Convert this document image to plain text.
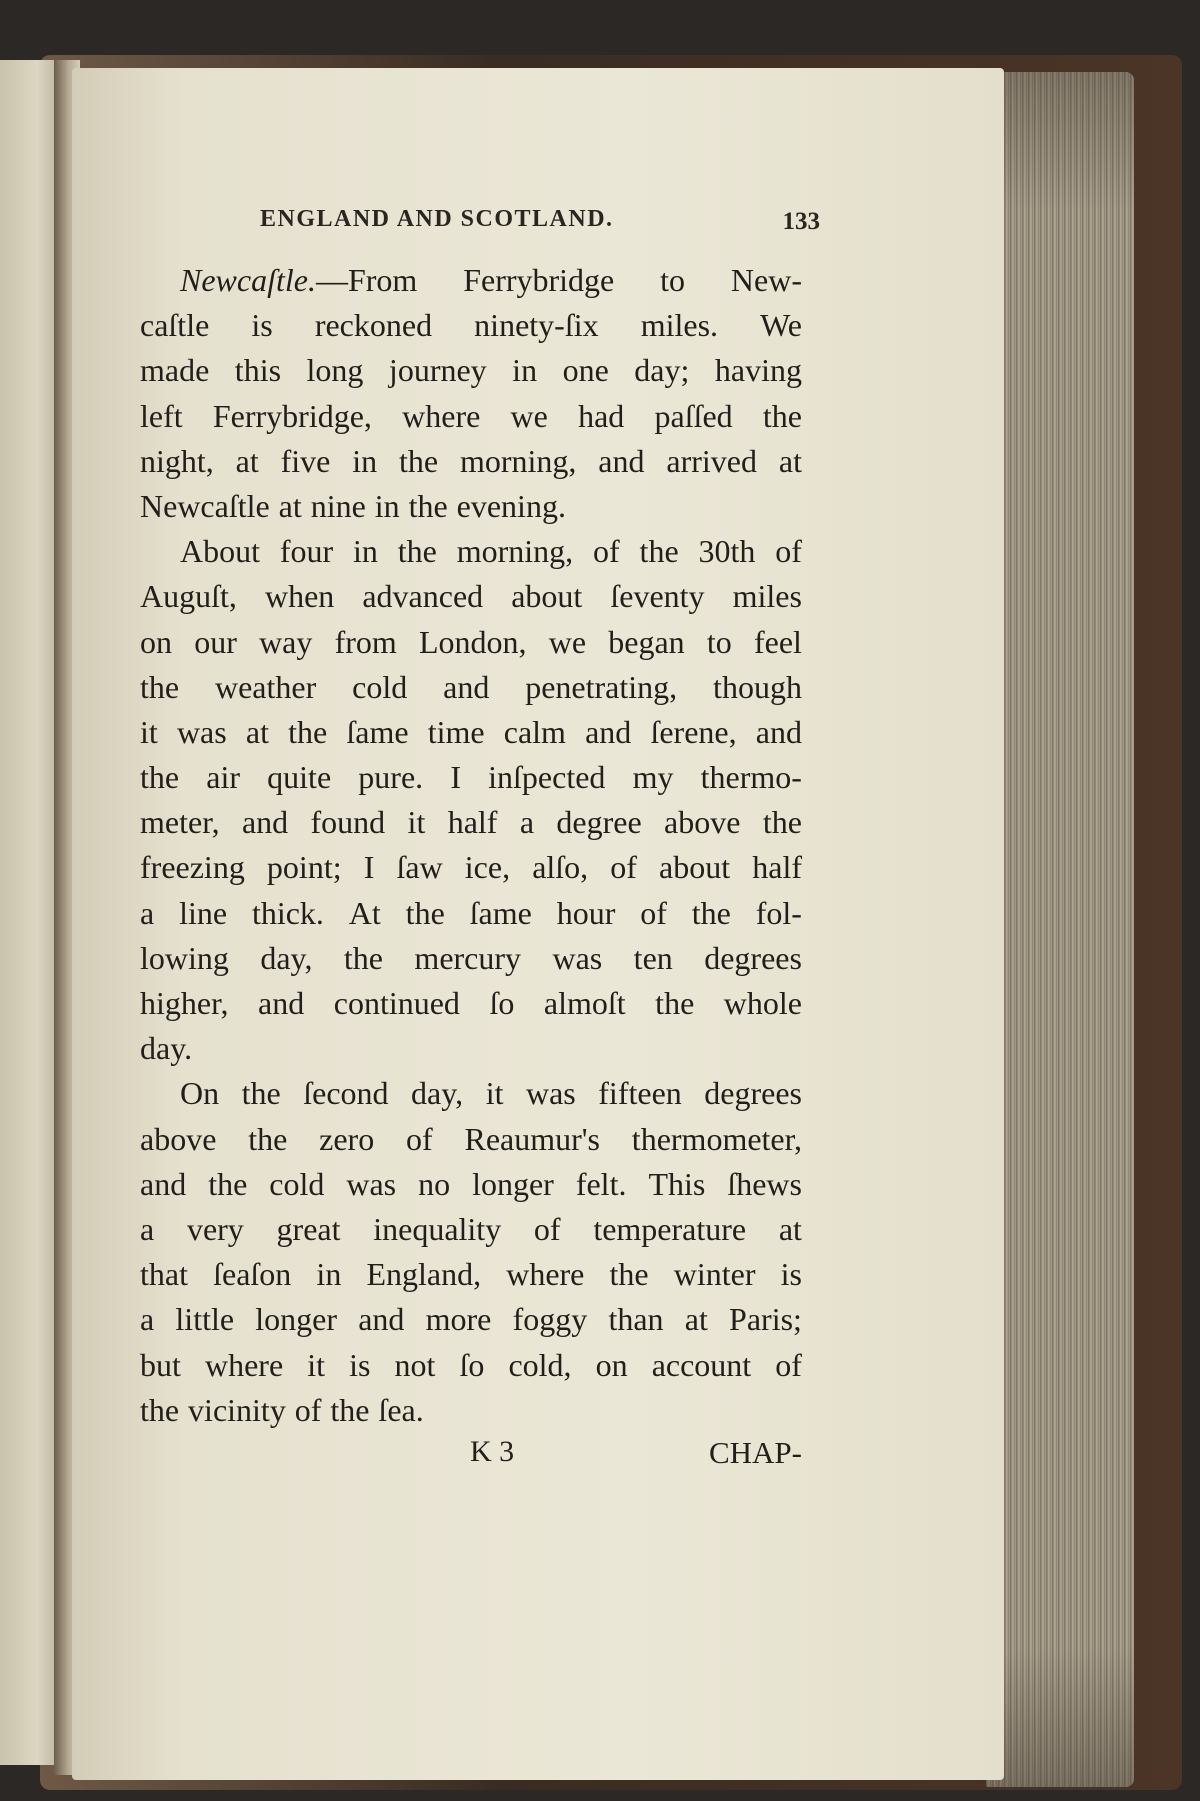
ENGLAND AND SCOTLAND.	133
Newcaſtle.—From Ferrybridge to New-
caſtle is reckoned ninety-ſix miles. We
made this long journey in one day; having
left Ferrybridge, where we had paſſed the
night, at five in the morning, and arrived at
Newcaſtle at nine in the evening.
About four in the morning, of the 30th of
Auguſt, when advanced about ſeventy miles
on our way from London, we began to feel
the weather cold and penetrating, though
it was at the ſame time calm and ſerene, and
the air quite pure. I inſpected my thermo-
meter, and found it half a degree above the
freezing point; I ſaw ice, alſo, of about half
a line thick. At the ſame hour of the fol-
lowing day, the mercury was ten degrees
higher, and continued ſo almoſt the whole
day.
On the ſecond day, it was fifteen degrees
above the zero of Reaumur's thermometer,
and the cold was no longer felt. This ſhews
a very great inequality of temperature at
that ſeaſon in England, where the winter is
a little longer and more foggy than at Paris;
but where it is not ſo cold, on account of
the vicinity of the ſea.
K 3	CHAP-
